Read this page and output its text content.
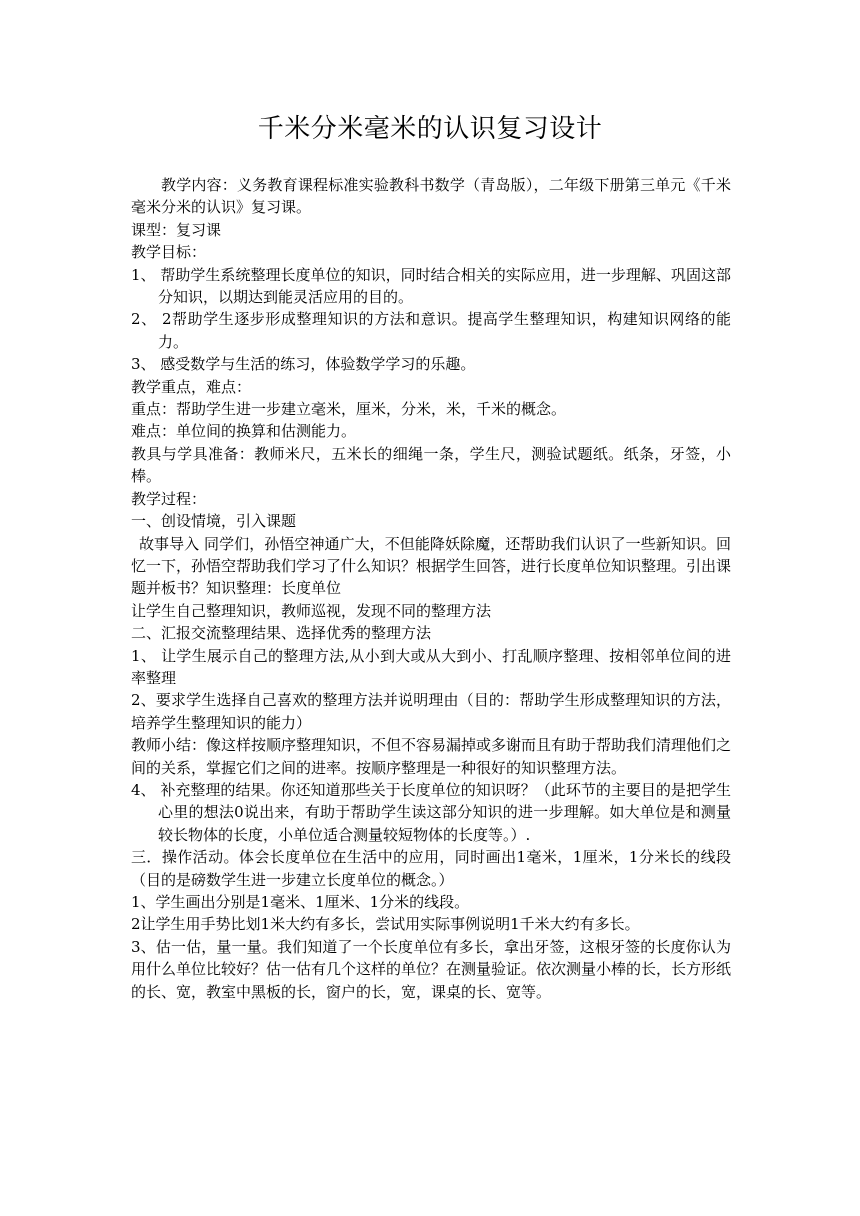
千米分米毫米的认识复习设计

教学内容：义务教育课程标准实验教科书数学（青岛版），二年级下册第三单元《千米毫米分米的认识》复习课。

课型：复习课

教学目标：

1、 帮助学生系统整理长度单位的知识，同时结合相关的实际应用，进一步理解、巩固这部分知识，以期达到能灵活应用的目的。

2、 2帮助学生逐步形成整理知识的方法和意识。提高学生整理知识，构建知识网络的能力。

3、 感受数学与生活的练习，体验数学学习的乐趣。

教学重点，难点：

重点：帮助学生进一步建立毫米，厘米，分米，米，千米的概念。

难点：单位间的换算和估测能力。

教具与学具准备：教师米尺，五米长的细绳一条，学生尺，测验试题纸。纸条，牙签，小棒。

教学过程：

一、创设情境，引入课题

故事导入 同学们，孙悟空神通广大，不但能降妖除魔，还帮助我们认识了一些新知识。回忆一下，孙悟空帮助我们学习了什么知识？根据学生回答，进行长度单位知识整理。引出课题并板书？知识整理：长度单位

让学生自己整理知识，教师巡视，发现不同的整理方法

二、汇报交流整理结果、选择优秀的整理方法

1、 让学生展示自己的整理方法,从小到大或从大到小、打乱顺序整理、按相邻单位间的进率整理

2、要求学生选择自己喜欢的整理方法并说明理由（目的：帮助学生形成整理知识的方法，培养学生整理知识的能力）

教师小结：像这样按顺序整理知识，不但不容易漏掉或多谢而且有助于帮助我们清理他们之间的关系，掌握它们之间的进率。按顺序整理是一种很好的知识整理方法。

4、 补充整理的结果。你还知道那些关于长度单位的知识呀？（此环节的主要目的是把学生心里的想法0说出来，有助于帮助学生读这部分知识的进一步理解。如大单位是和测量较长物体的长度，小单位适合测量较短物体的长度等。）.

三．操作活动。体会长度单位在生活中的应用，同时画出1毫米，1厘米，1分米长的线段（目的是磅数学生进一步建立长度单位的概念。）

1、学生画出分别是1毫米、1厘米、1分米的线段。

2让学生用手势比划1米大约有多长，尝试用实际事例说明1千米大约有多长。

3、估一估，量一量。我们知道了一个长度单位有多长，拿出牙签，这根牙签的长度你认为用什么单位比较好？估一估有几个这样的单位？在测量验证。依次测量小棒的长，长方形纸的长、宽，教室中黑板的长，窗户的长，宽，课桌的长、宽等。
